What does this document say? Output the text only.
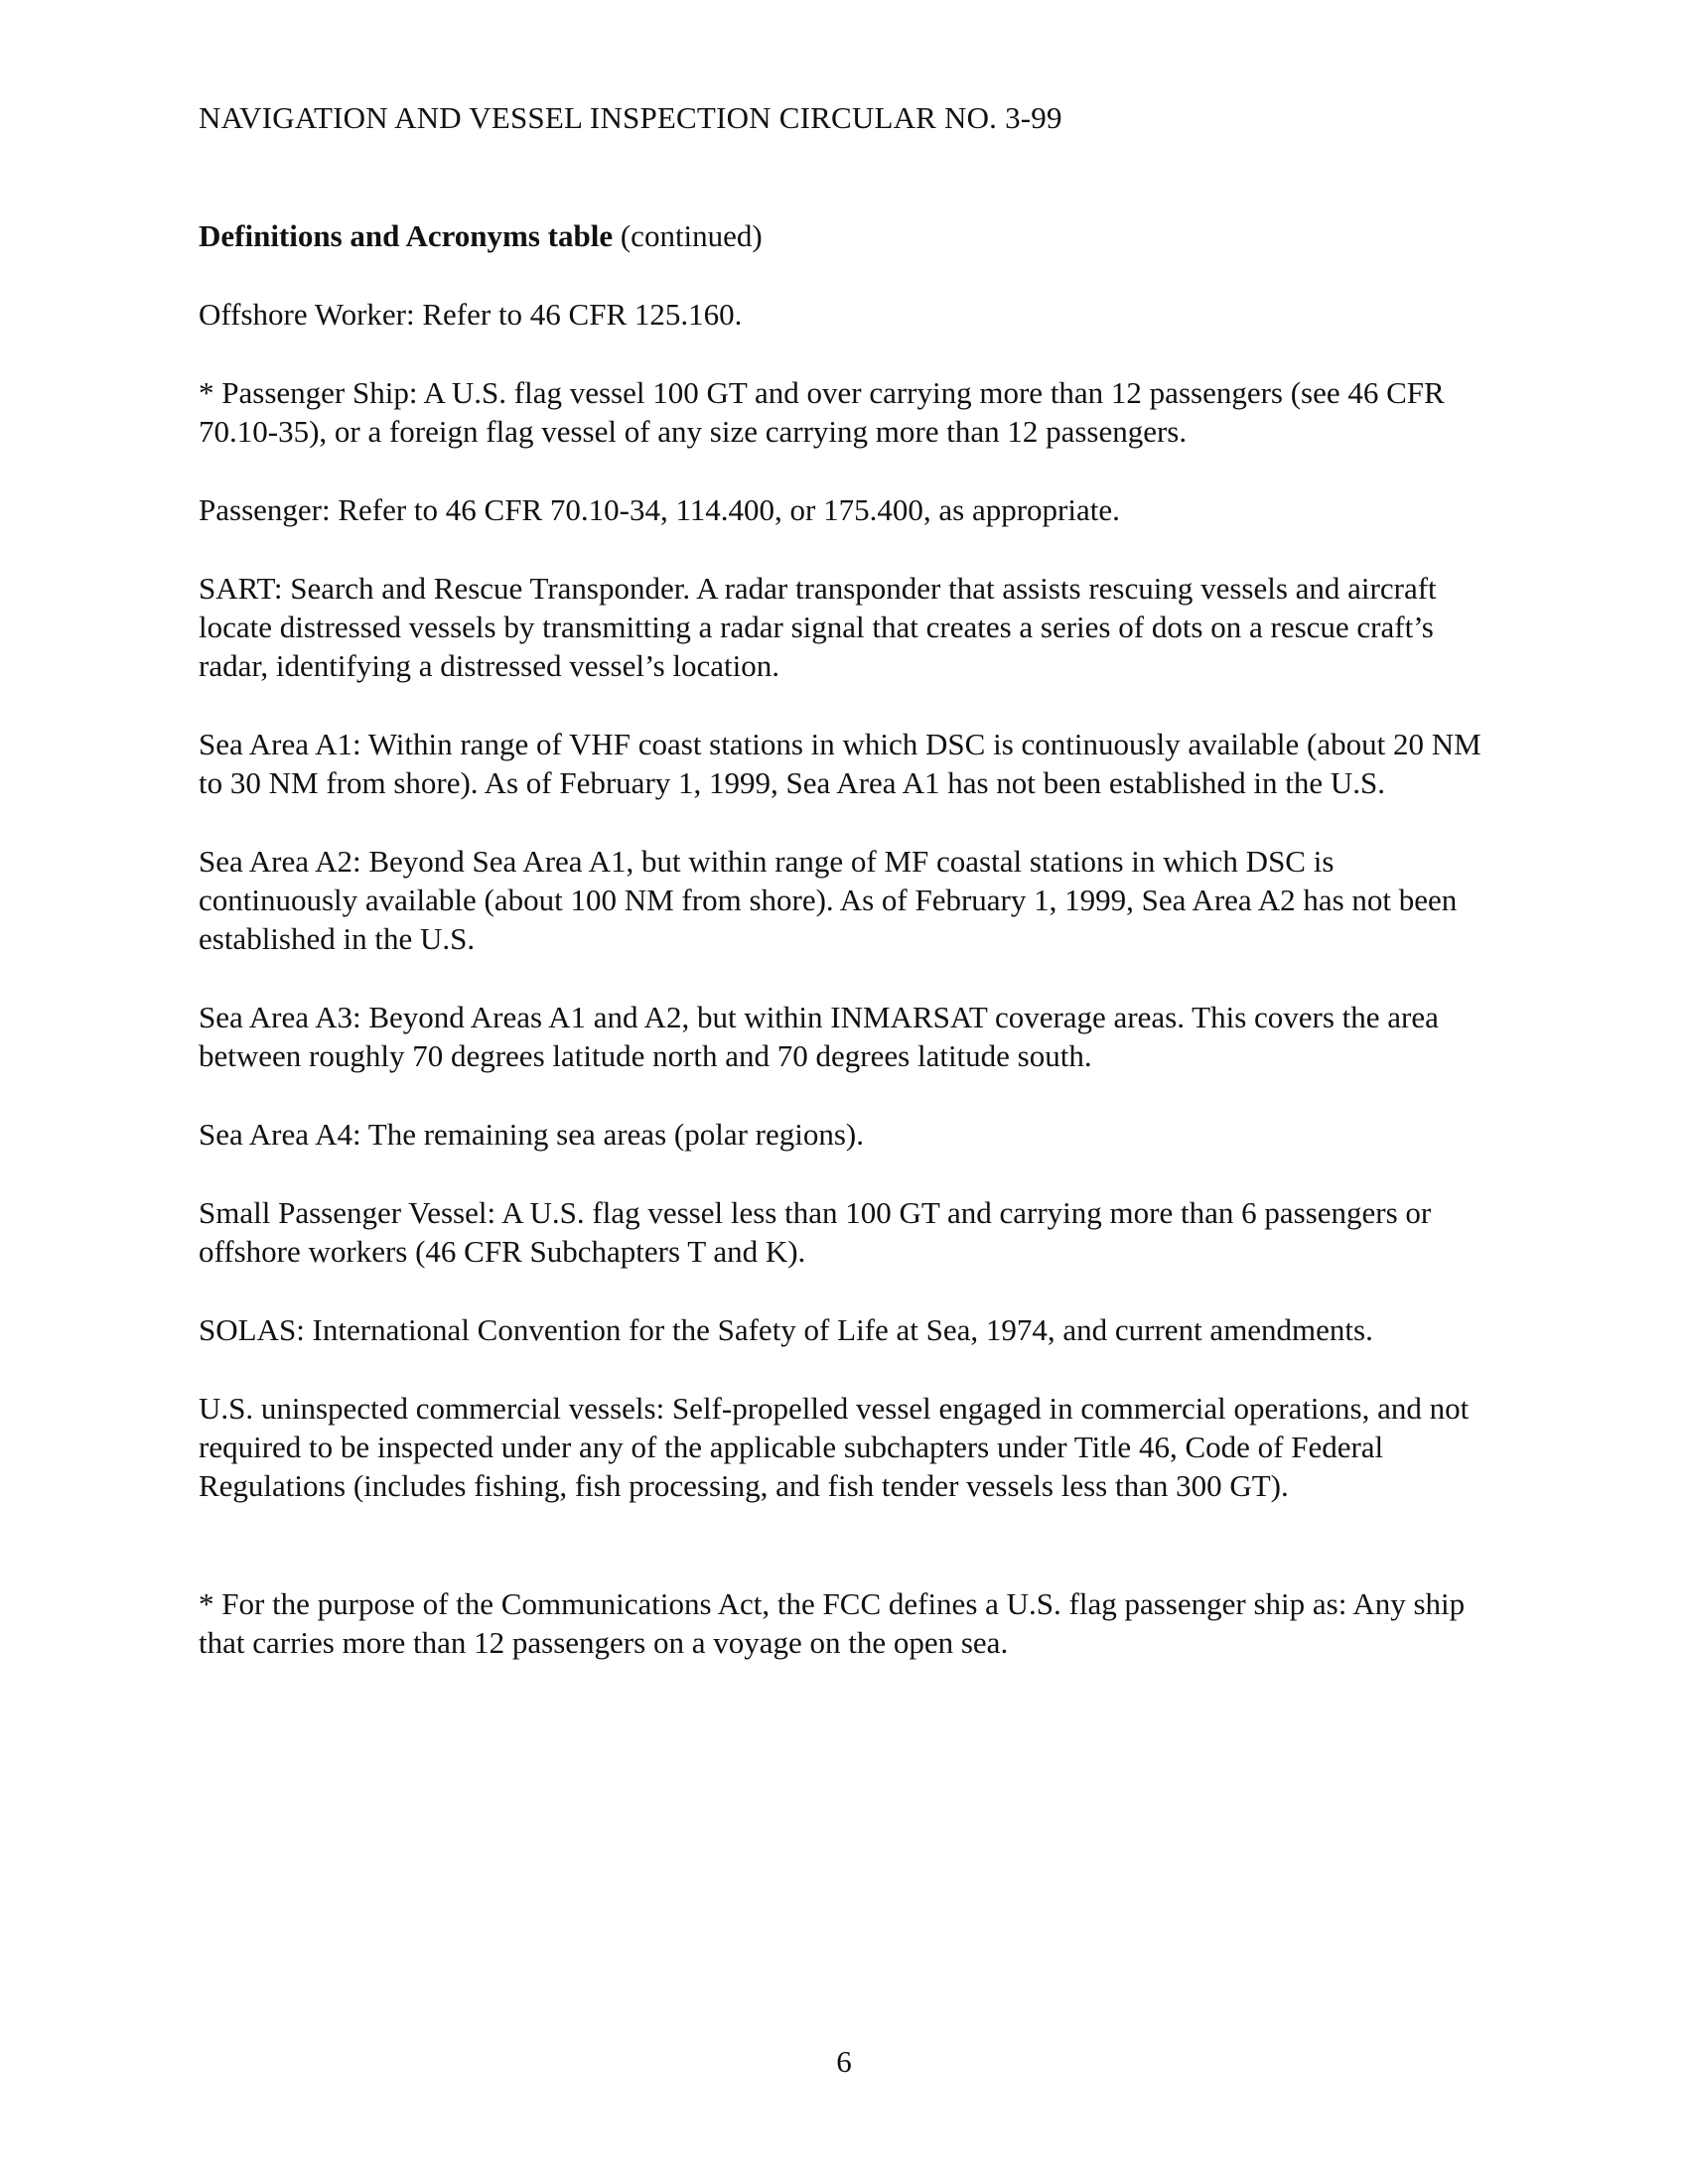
NAVIGATION AND VESSEL INSPECTION CIRCULAR NO. 3-99

Definitions and Acronyms table (continued)

Offshore Worker: Refer to 46 CFR 125.160.

* Passenger Ship: A U.S. flag vessel 100 GT and over carrying more than 12 passengers (see 46 CFR 70.10-35), or a foreign flag vessel of any size carrying more than 12 passengers.

Passenger: Refer to 46 CFR 70.10-34, 114.400, or 175.400, as appropriate.

SART: Search and Rescue Transponder. A radar transponder that assists rescuing vessels and aircraft locate distressed vessels by transmitting a radar signal that creates a series of dots on a rescue craft’s radar, identifying a distressed vessel’s location.

Sea Area A1: Within range of VHF coast stations in which DSC is continuously available (about 20 NM to 30 NM from shore). As of February 1, 1999, Sea Area A1 has not been established in the U.S.

Sea Area A2: Beyond Sea Area A1, but within range of MF coastal stations in which DSC is continuously available (about 100 NM from shore). As of February 1, 1999, Sea Area A2 has not been established in the U.S.

Sea Area A3: Beyond Areas A1 and A2, but within INMARSAT coverage areas. This covers the area between roughly 70 degrees latitude north and 70 degrees latitude south.

Sea Area A4: The remaining sea areas (polar regions).

Small Passenger Vessel: A U.S. flag vessel less than 100 GT and carrying more than 6 passengers or offshore workers (46 CFR Subchapters T and K).

SOLAS: International Convention for the Safety of Life at Sea, 1974, and current amendments.

U.S. uninspected commercial vessels: Self-propelled vessel engaged in commercial operations, and not required to be inspected under any of the applicable subchapters under Title 46, Code of Federal Regulations (includes fishing, fish processing, and fish tender vessels less than 300 GT).

* For the purpose of the Communications Act, the FCC defines a U.S. flag passenger ship as: Any ship that carries more than 12 passengers on a voyage on the open sea.

6
